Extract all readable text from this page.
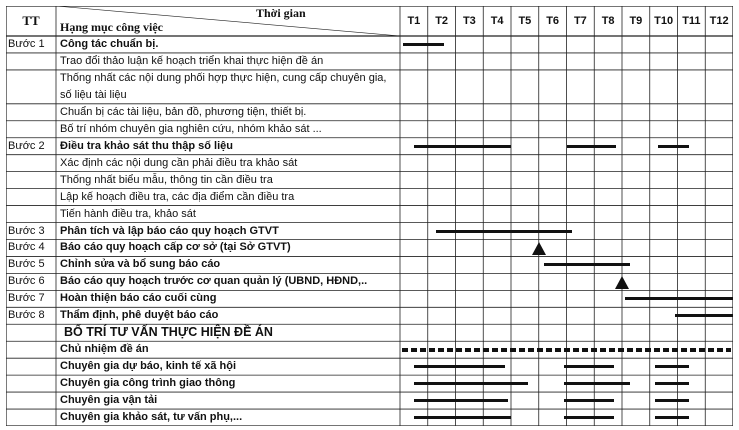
TT	Thời gian
Hạng mục công việc	T1	T2	T3	T4	T5	T6	T7	T8	T9	T10 T11 T12
Bước 1	Công tác chuẩn bị.
Trao đổi thảo luận kế hoạch triển khai thực hiện đề án
Thống nhất các nội dung phối hợp thực hiện, cung cấp chuyên gia,
số liệu tài liệu
Chuẩn bị các tài liệu, bản đồ, phương tiện, thiết bị.
Bố trí nhóm chuyên gia nghiên cứu, nhóm khảo sát ...
Bước 2	Điều tra khảo sát thu thập số liệu
Xác định các nội dung cần phải điều tra khảo sát
Thống nhất biểu mẫu, thông tin cần điều tra
Lập kế hoạch điều tra, các địa điểm cần điều tra
Tiến hành điều tra, khảo sát
Bước 3	Phân tích và lập báo cáo quy hoạch GTVT
Bước 4	Báo cáo quy hoạch cấp cơ sở (tại Sở GTVT)
Bước 5	Chỉnh sửa và bổ sung báo cáo
Bước 6	Báo cáo quy hoạch trước cơ quan quản lý (UBND, HĐND,..
Bước 7	Hoàn thiện báo cáo cuối cùng
Bước 8	Thẩm định, phê duyệt báo cáo
BỐ TRÍ TƯ VẤN THỰC HIỆN ĐỀ ÁN
Chủ nhiệm đề án
Chuyên gia dự báo, kinh tế xã hội
Chuyên gia công trình giao thông
Chuyên gia vận tải
Chuyên gia khảo sát, tư vấn phụ,...
